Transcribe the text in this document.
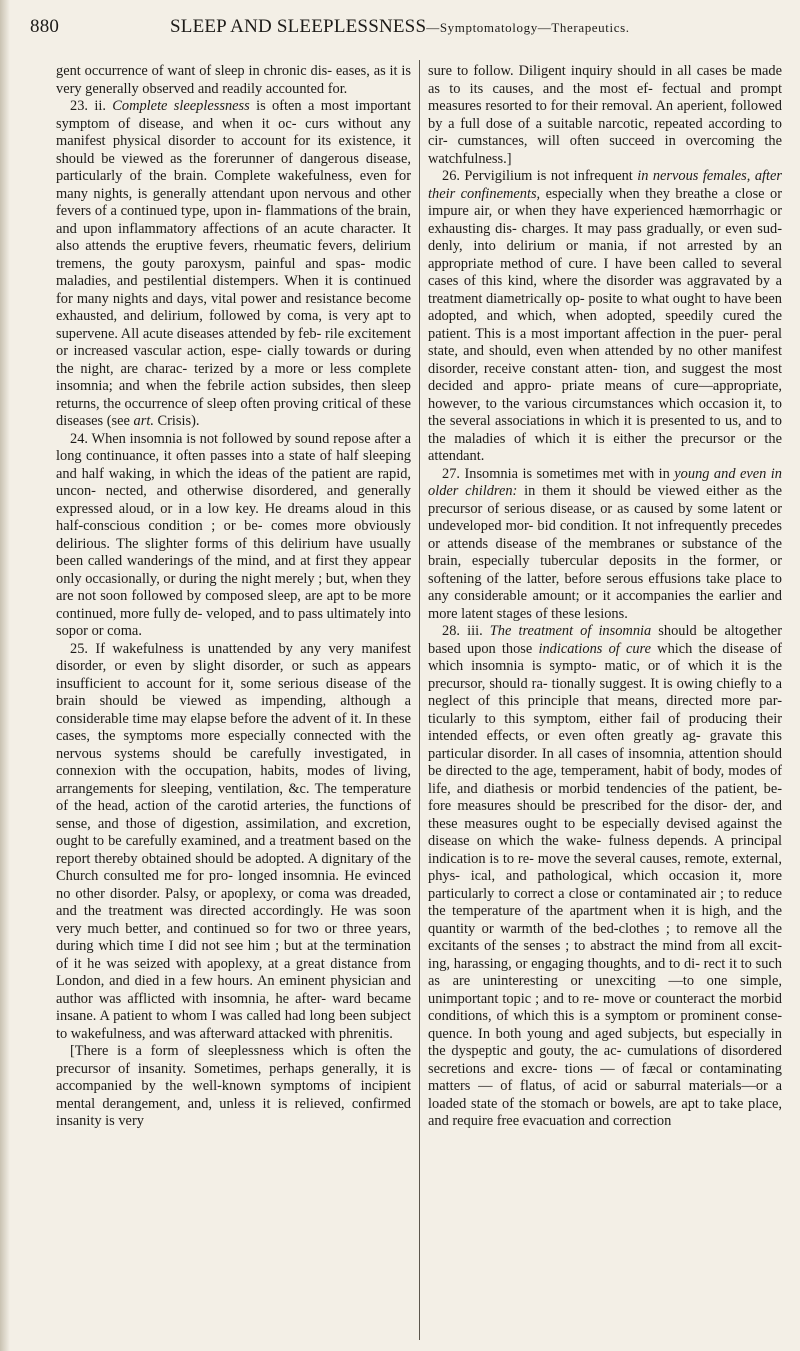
880	SLEEP AND SLEEPLESSNESS—Symptomatology—Therapeutics.

gent occurrence of want of sleep in chronic dis- eases, as it is very generally observed and readily accounted for.

23. ii. Complete sleeplessness is often a most important symptom of disease, and when it oc- curs without any manifest physical disorder to account for its existence, it should be viewed as the forerunner of dangerous disease, particularly of the brain. Complete wakefulness, even for many nights, is generally attendant upon nervous and other fevers of a continued type, upon in- flammations of the brain, and upon inflammatory affections of an acute character. It also attends the eruptive fevers, rheumatic fevers, delirium tremens, the gouty paroxysm, painful and spas- modic maladies, and pestilential distempers. When it is continued for many nights and days, vital power and resistance become exhausted, and delirium, followed by coma, is very apt to supervene. All acute diseases attended by feb- rile excitement or increased vascular action, espe- cially towards or during the night, are charac- terized by a more or less complete insomnia; and when the febrile action subsides, then sleep returns, the occurrence of sleep often proving critical of these diseases (see art. Crisis).

24. When insomnia is not followed by sound repose after a long continuance, it often passes into a state of half sleeping and half waking, in which the ideas of the patient are rapid, uncon- nected, and otherwise disordered, and generally expressed aloud, or in a low key. He dreams aloud in this half-conscious condition ; or be- comes more obviously delirious. The slighter forms of this delirium have usually been called wanderings of the mind, and at first they appear only occasionally, or during the night merely ; but, when they are not soon followed by composed sleep, are apt to be more continued, more fully de- veloped, and to pass ultimately into sopor or coma.

25. If wakefulness is unattended by any very manifest disorder, or even by slight disorder, or such as appears insufficient to account for it, some serious disease of the brain should be viewed as impending, although a considerable time may elapse before the advent of it. In these cases, the symptoms more especially connected with the nervous systems should be carefully investigated, in connexion with the occupation, habits, modes of living, arrangements for sleeping, ventilation, &c. The temperature of the head, action of the carotid arteries, the functions of sense, and those of digestion, assimilation, and excretion, ought to be carefully examined, and a treatment based on the report thereby obtained should be adopted. A dignitary of the Church consulted me for pro- longed insomnia. He evinced no other disorder. Palsy, or apoplexy, or coma was dreaded, and the treatment was directed accordingly. He was soon very much better, and continued so for two or three years, during which time I did not see him ; but at the termination of it he was seized with apoplexy, at a great distance from London, and died in a few hours. An eminent physician and author was afflicted with insomnia, he after- ward became insane. A patient to whom I was called had long been subject to wakefulness, and was afterward attacked with phrenitis.

[There is a form of sleeplessness which is often the precursor of insanity. Sometimes, perhaps generally, it is accompanied by the well-known symptoms of incipient mental derangement, and, unless it is relieved, confirmed insanity is very

sure to follow. Diligent inquiry should in all cases be made as to its causes, and the most ef- fectual and prompt measures resorted to for their removal. An aperient, followed by a full dose of a suitable narcotic, repeated according to cir- cumstances, will often succeed in overcoming the watchfulness.]

26. Pervigilium is not infrequent in nervous females, after their confinements, especially when they breathe a close or impure air, or when they have experienced hæmorrhagic or exhausting dis- charges. It may pass gradually, or even sud- denly, into delirium or mania, if not arrested by an appropriate method of cure. I have been called to several cases of this kind, where the disorder was aggravated by a treatment diametrically op- posite to what ought to have been adopted, and which, when adopted, speedily cured the patient. This is a most important affection in the puer- peral state, and should, even when attended by no other manifest disorder, receive constant atten- tion, and suggest the most decided and appro- priate means of cure—appropriate, however, to the various circumstances which occasion it, to the several associations in which it is presented to us, and to the maladies of which it is either the precursor or the attendant.

27. Insomnia is sometimes met with in young and even in older children: in them it should be viewed either as the precursor of serious disease, or as caused by some latent or undeveloped mor- bid condition. It not infrequently precedes or attends disease of the membranes or substance of the brain, especially tubercular deposits in the former, or softening of the latter, before serous effusions take place to any considerable amount; or it accompanies the earlier and more latent stages of these lesions.

28. iii. The treatment of insomnia should be altogether based upon those indications of cure which the disease of which insomnia is sympto- matic, or of which it is the precursor, should ra- tionally suggest. It is owing chiefly to a neglect of this principle that means, directed more par- ticularly to this symptom, either fail of producing their intended effects, or even often greatly ag- gravate this particular disorder. In all cases of insomnia, attention should be directed to the age, temperament, habit of body, modes of life, and diathesis or morbid tendencies of the patient, be- fore measures should be prescribed for the disor- der, and these measures ought to be especially devised against the disease on which the wake- fulness depends. A principal indication is to re- move the several causes, remote, external, phys- ical, and pathological, which occasion it, more particularly to correct a close or contaminated air ; to reduce the temperature of the apartment when it is high, and the quantity or warmth of the bed-clothes ; to remove all the excitants of the senses ; to abstract the mind from all excit- ing, harassing, or engaging thoughts, and to di- rect it to such as are uninteresting or unexciting —to one simple, unimportant topic ; and to re- move or counteract the morbid conditions, of which this is a symptom or prominent conse- quence. In both young and aged subjects, but especially in the dyspeptic and gouty, the ac- cumulations of disordered secretions and excre- tions — of fæcal or contaminating matters — of flatus, of acid or saburral materials—or a loaded state of the stomach or bowels, are apt to take place, and require free evacuation and correction
